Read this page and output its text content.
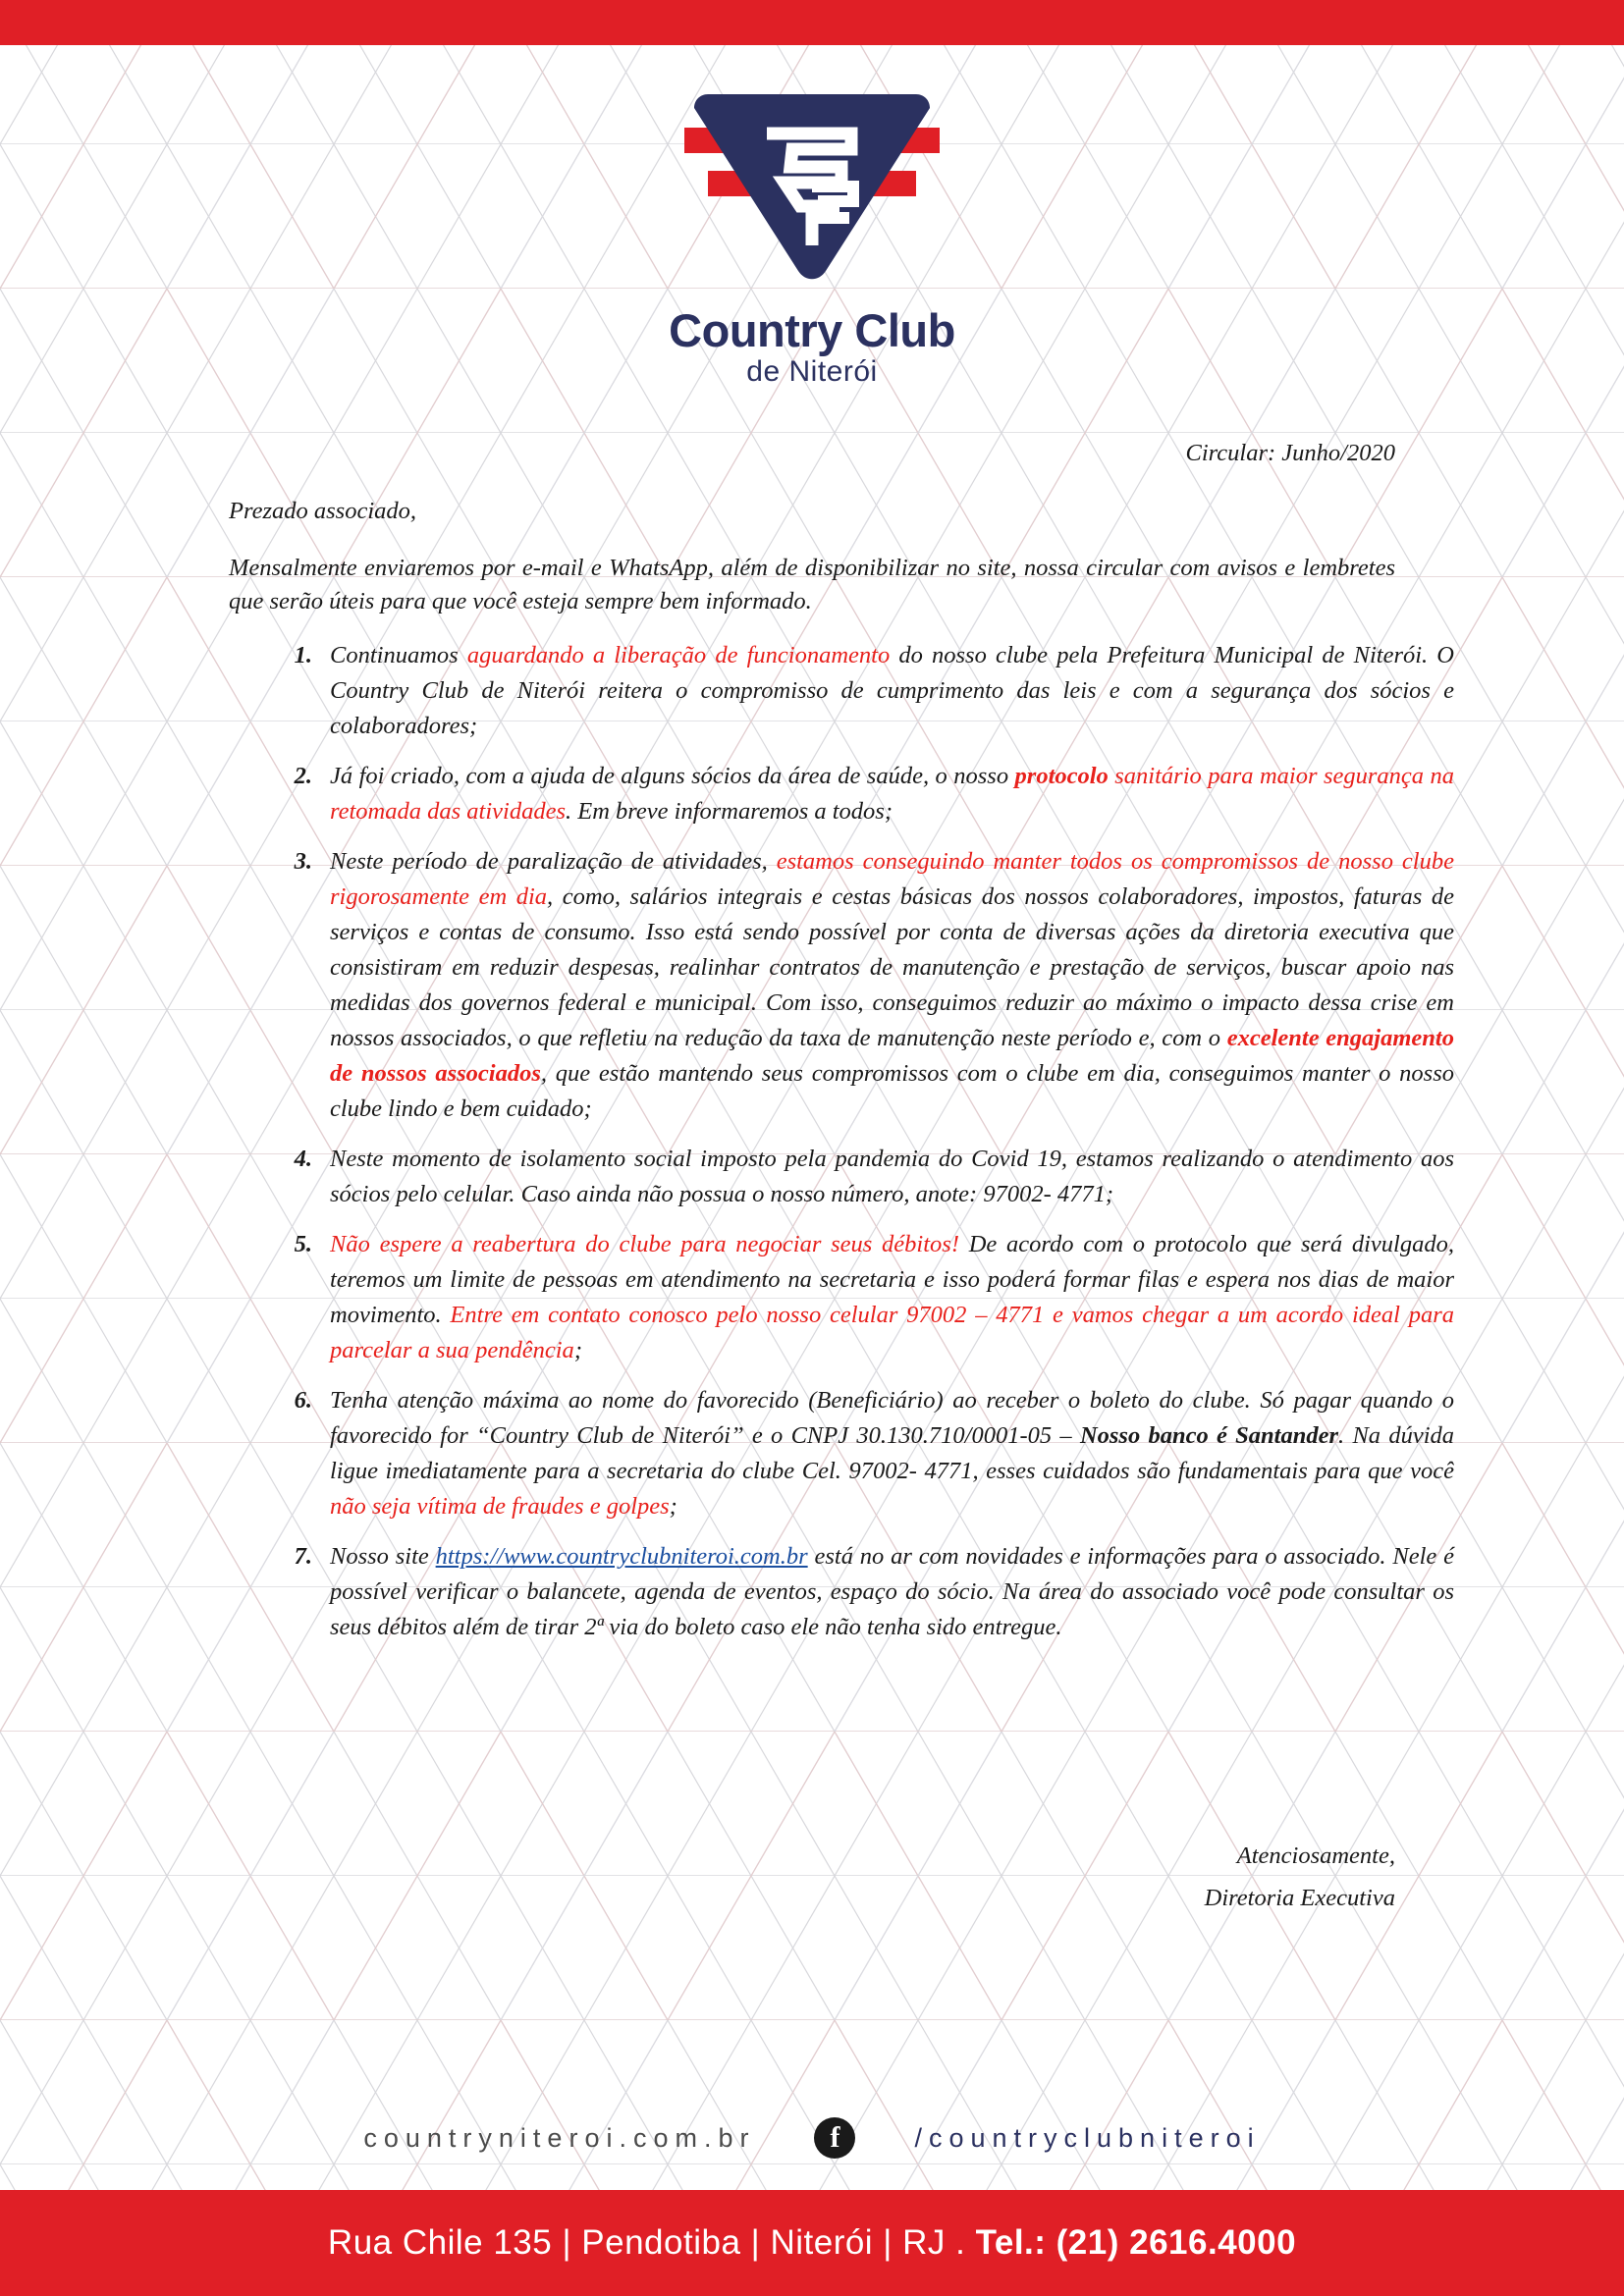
Country Club
de Niterói
Circular: Junho/2020
Prezado associado,
Mensalmente enviaremos por e-mail e WhatsApp, além de disponibilizar no site, nossa circular com avisos e lembretes que serão úteis para que você esteja sempre bem informado.
Continuamos aguardando a liberação de funcionamento do nosso clube pela Prefeitura Municipal de Niterói. O Country Club de Niterói reitera o compromisso de cumprimento das leis e com a segurança dos sócios e colaboradores;
Já foi criado, com a ajuda de alguns sócios da área de saúde, o nosso protocolo sanitário para maior segurança na retomada das atividades. Em breve informaremos a todos;
Neste período de paralização de atividades, estamos conseguindo manter todos os compromissos de nosso clube rigorosamente em dia, como, salários integrais e cestas básicas dos nossos colaboradores, impostos, faturas de serviços e contas de consumo. Isso está sendo possível por conta de diversas ações da diretoria executiva que consistiram em reduzir despesas, realinhar contratos de manutenção e prestação de serviços, buscar apoio nas medidas dos governos federal e municipal. Com isso, conseguimos reduzir ao máximo o impacto dessa crise em nossos associados, o que refletiu na redução da taxa de manutenção neste período e, com o excelente engajamento de nossos associados, que estão mantendo seus compromissos com o clube em dia, conseguimos manter o nosso clube lindo e bem cuidado;
Neste momento de isolamento social imposto pela pandemia do Covid 19, estamos realizando o atendimento aos sócios pelo celular. Caso ainda não possua o nosso número, anote: 97002- 4771;
Não espere a reabertura do clube para negociar seus débitos! De acordo com o protocolo que será divulgado, teremos um limite de pessoas em atendimento na secretaria e isso poderá formar filas e espera nos dias de maior movimento. Entre em contato conosco pelo nosso celular 97002 – 4771 e vamos chegar a um acordo ideal para parcelar a sua pendência;
Tenha atenção máxima ao nome do favorecido (Beneficiário) ao receber o boleto do clube. Só pagar quando o favorecido for “Country Club de Niterói” e o CNPJ 30.130.710/0001-05 – Nosso banco é Santander. Na dúvida ligue imediatamente para a secretaria do clube Cel. 97002- 4771, esses cuidados são fundamentais para que você não seja vítima de fraudes e golpes;
Nosso site https://www.countryclubniteroi.com.br está no ar com novidades e informações para o associado. Nele é possível verificar o balancete, agenda de eventos, espaço do sócio. Na área do associado você pode consultar os seus débitos além de tirar 2ª via do boleto caso ele não tenha sido entregue.
Atenciosamente,
Diretoria Executiva
countryniteroi.com.br	f	/countryclubniteroi
Rua Chile 135 | Pendotiba | Niterói | RJ . Tel.: (21) 2616.4000
